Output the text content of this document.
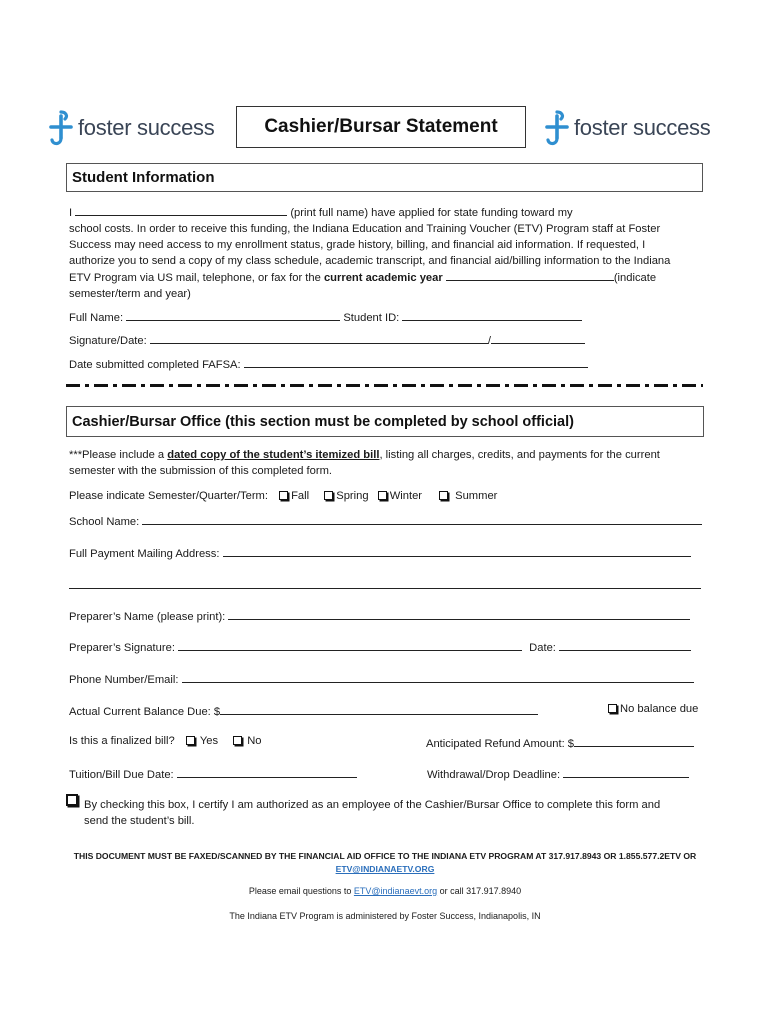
foster success	Cashier/Bursar Statement	foster success
Student Information
I	(print full name) have applied for state funding toward my
school costs. In order to receive this funding, the Indiana Education and Training Voucher (ETV) Program staff at Foster
Success may need access to my enrollment status, grade history, billing, and financial aid information. If requested, I
authorize you to send a copy of my class schedule, academic transcript, and financial aid/billing information to the Indiana
ETV Program via US mail, telephone, or fax for the current academic year	(indicate
semester/term and year)
Full Name:	Student ID:
Signature/Date:	/
Date submitted completed FAFSA:
Cashier/Bursar Office (this section must be completed by school official)
***Please include a dated copy of the student’s itemized bill, listing all charges, credits, and payments for the current
semester with the submission of this completed form.
Please indicate Semester/Quarter/Term: Fall Spring Winter	Summer
School Name:
Full Payment Mailing Address:
Preparer’s Name (please print):
Preparer’s Signature:	Date:
Phone Number/Email:
Actual Current Balance Due: $	No balance due
Is this a finalized bill? Yes	No	Anticipated Refund Amount: $
Tuition/Bill Due Date:	Withdrawal/Drop Deadline:
By checking this box, I certify I am authorized as an employee of the Cashier/Bursar Office to complete this form and
send the student’s bill.
THIS DOCUMENT MUST BE FAXED/SCANNED BY THE FINANCIAL AID OFFICE TO THE INDIANA ETV PROGRAM AT 317.917.8943 OR 1.855.577.2ETV OR
ETV@INDIANAETV.ORG
Please email questions to ETV@indianaevt.org or call 317.917.8940
The Indiana ETV Program is administered by Foster Success, Indianapolis, IN
